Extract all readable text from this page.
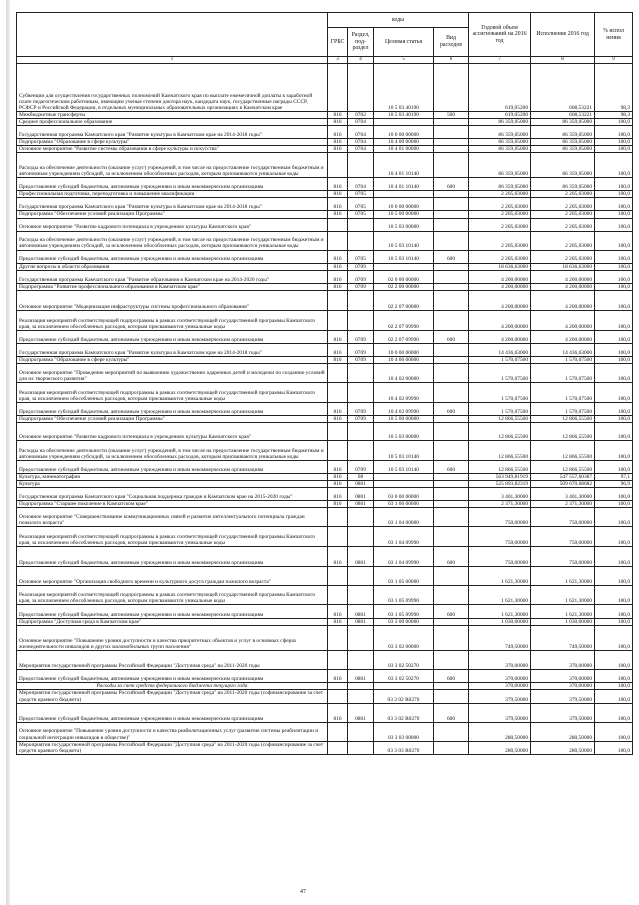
	коды				Годовой объем ассигнований на 2016 год	Исполнение 2016 год	% испол нения
	ГРБС	Раздел, под-раздел	Целевая статья	Вид расходов			
1	3	4	5	6	7	8	9
Субвенции для осуществления государственных полномочий Камчатского края по выплате ежемесячной доплаты к заработной плате педагогическим работникам, имеющим ученые степени доктора наук, кандидата наук, государственные награды СССР, РСФСР и Российской Федерации, в отдельных муниципальных образовательных организациях в Камчатском крае			10 5 03 40190		619,05200	608,53221	98,3
Межбюджетные трансферты	816	0702	10 5 03 40190	500	619,05200	608,53221	98,3
Среднее профессиональное образование	816	0704			86 359,05000	86 359,05000	100,0
Государственная программа Камчатского края "Развитие культуры в Камчатском крае на 2014-2018 годы"	816	0704	10 0 00 00000		86 359,05000	86 359,05000	100,0
Подпрограмма "Образование в сфере культуры"	816	0704	10 4 00 00000		86 359,05000	86 359,05000	100,0
Основное мероприятие "Развитие системы образования в сфере культуры и искусства"	816	0704	10 4 01 00000		86 359,05000	86 359,05000	100,0
Расходы на обеспечение деятельности (оказание услуг) учреждений, в том числе на предоставление государственным бюджетным и автономным учреждениям субсидий, за исключением обособленных расходов, которым присваиваются уникальные коды			10 4 01 10140		86 359,05000	86 359,05000	100,0
Предоставление субсидий бюджетным, автономным учреждениям и иным некоммерческим организациям	816	0704	10 4 01 10140	600	86 359,05000	86 359,05000	100,0
Профессиональная подготовка, переподготовка и повышение квалификации	816	0705			2 205,03000	2 205,03000	100,0
Государственная программа Камчатского края "Развитие культуры в Камчатском крае на 2014-2018 годы"	816	0705	10 0 00 00000		2 205,03000	2 205,03000	100,0
Подпрограмма "Обеспечение условий реализации Программы"	816	0705	10 5 00 00000		2 205,03000	2 205,03000	100,0
Основное мероприятие "Развитие кадрового потенциала в учреждениях культуры Камчатского края"			10 5 03 00000		2 205,03000	2 205,03000	100,0
Расходы на обеспечение деятельности (оказание услуг) учреждений, в том числе на предоставление государственным бюджетным и автономным учреждениям субсидий, за исключением обособленных расходов, которым присваиваются уникальные коды			10 5 03 10140		2 205,03000	2 205,03000	100,0
Предоставление субсидий бюджетным, автономным учреждениям и иным некоммерческим организациям	816	0705	10 5 03 10140	600	2 205,03000	2 205,03000	100,0
Другие вопросы в области образования	816	0709			18 636,63000	18 636,63000	100,0
Государственная программа Камчатского края "Развитие образования в Камчатском крае на 2014-2020 годы"	816	0709	02 0 00 00000		4 200,00000	4 200,00000	100,0
Подпрограмма "Развитие профессионального образования в Камчатском крае"	816	0709	02 2 00 00000		4 200,00000	4 200,00000	100,0
Основное мероприятие "Модернизация инфраструктуры системы профессионального образования"			02 2 07 00000		4 200,00000	4 200,00000	100,0
Реализация мероприятий соответствующей подпрограммы в рамках соответствующей государственной программы Камчатского края, за исключением обособленных расходов, которым присваиваются уникальные коды			02 2 07 09990		4 200,00000	4 200,00000	100,0
Предоставление субсидий бюджетным, автономным учреждениям и иным некоммерческим организациям	816	0709	02 2 07 09990	600	4 200,00000	4 200,00000	100,0
Государственная программа Камчатского края "Развитие культуры в Камчатском крае на 2014-2018 годы"	816	0709	10 0 00 00000		14 436,63000	14 436,63000	100,0
Подпрограмма "Образование в сфере культуры"	816	0709	10 4 00 00000		1 570,07500	1 570,07500	100,0
Основное мероприятие "Проведение мероприятий по выявлению художественно одаренных детей и молодежи по созданию условий для их творческого развития"			10 4 02 00000		1 570,07500	1 570,07500	100,0
Реализация мероприятий соответствующей подпрограммы в рамках соответствующей государственной программы Камчатского края, за исключением обособленных расходов, которым присваиваются уникальные коды			10 4 02 09990		1 570,07500	1 570,07500	100,0
Предоставление субсидий бюджетным, автономным учреждениям и иным некоммерческим организациям	816	0709	10 4 02 09990	600	1 570,07500	1 570,07500	100,0
Подпрограмма "Обеспечение условий реализации Программы"	816	0709	10 5 00 00000		12 866,55500	12 866,55500	100,0
Основное мероприятие "Развитие кадрового потенциала в учреждениях культуры Камчатского края"			10 5 03 00000		12 866,55500	12 866,55500	100,0
Расходы на обеспечение деятельности (оказание услуг) учреждений, в том числе на предоставление государственным бюджетным и автономным учреждениям субсидий, за исключением обособленных расходов, которым присваиваются уникальные коды			10 5 03 10140		12 866,55500	12 866,55500	100,0
Предоставление субсидий бюджетным, автономным учреждениям и иным некоммерческим организациям	816	0709	10 5 03 10140	600	12 866,55500	12 866,55500	100,0
Культура, кинематография	816	08			563 949,81919	547 557,60387	97,1
Культура	816	0801			525 893,82319	509 670,68682	96,9
Государственная программа Камчатского края "Социальная поддержка граждан в Камчатском крае на 2015-2020 годы"	816	0801	03 0 00 00000		3 401,30000	3 401,30000	100,0
Подпрограмма "Старшее поколение в Камчатском крае"	816	0801	03 1 00 00000		2 371,30000	2 371,30000	100,0
Основное мероприятие "Совершенствование коммуникационных связей и развитие интеллектуального потенциала граждан пожилого возраста"			03 1 04 00000		750,00000	750,00000	100,0
Реализация мероприятий соответствующей подпрограммы в рамках соответствующей государственной программы Камчатского края, за исключением обособленных расходов, которым присваиваются уникальные коды			03 1 04 09990		750,00000	750,00000	100,0
Предоставление субсидий бюджетным, автономным учреждениям и иным некоммерческим организациям	816	0801	03 1 04 09990	600	750,00000	750,00000	100,0
Основное мероприятие "Организация свободного времени и культурного досуга граждан пожилого возраста"			03 1 05 00000		1 621,30000	1 621,30000	100,0
Реализация мероприятий соответствующей подпрограммы в рамках соответствующей государственной программы Камчатского края, за исключением обособленных расходов, которым присваиваются уникальные коды			03 1 05 09990		1 621,30000	1 621,30000	100,0
Предоставление субсидий бюджетным, автономным учреждениям и иным некоммерческим организациям	816	0801	03 1 05 09990	600	1 621,30000	1 621,30000	100,0
Подпрограмма "Доступная среда в Камчатском крае"	816	0801	03 3 00 00000		1 030,00000	1 030,00000	100,0
Основное мероприятие "Повышение уровня доступности и качества приоритетных объектов и услуг в основных сферах жизнедеятельности инвалидов и других маломобильных групп населения"			03 3 02 00000		749,50000	749,50000	100,0
Мероприятия государственной программы Российской Федерации "Доступная среда" на 2011-2020 годы			03 3 02 50270		370,00000	370,00000	100,0
Предоставление субсидий бюджетным, автономным учреждениям и иным некоммерческим организациям	816	0801	03 3 02 50270	600	370,00000	370,00000	100,0
Расходы за счет средств федерального бюджета текущего года					370,00000	370,00000	100,0
Мероприятия государственной программы Российской Федерации "Доступная среда" на 2011-2020 годы (софинансирование за счет средств краевого бюджета)			03 3 02 R0270		379,50000	379,50000	100,0
Предоставление субсидий бюджетным, автономным учреждениям и иным некоммерческим организациям	816	0801	03 3 02 R0270	600	379,50000	379,50000	100,0
Основное мероприятие "Повышение уровня доступности и качества реабилитационных услуг (развитие системы реабилитации и социальной интеграции инвалидов в обществе)"			03 3 03 00000		280,50000	280,50000	100,0
Мероприятия государственной программы Российской Федерации "Доступная среда" на 2011-2020 годы (софинансирование за счет средств краевого бюджета)			03 3 03 R0270		280,50000	280,50000	100,0
47
